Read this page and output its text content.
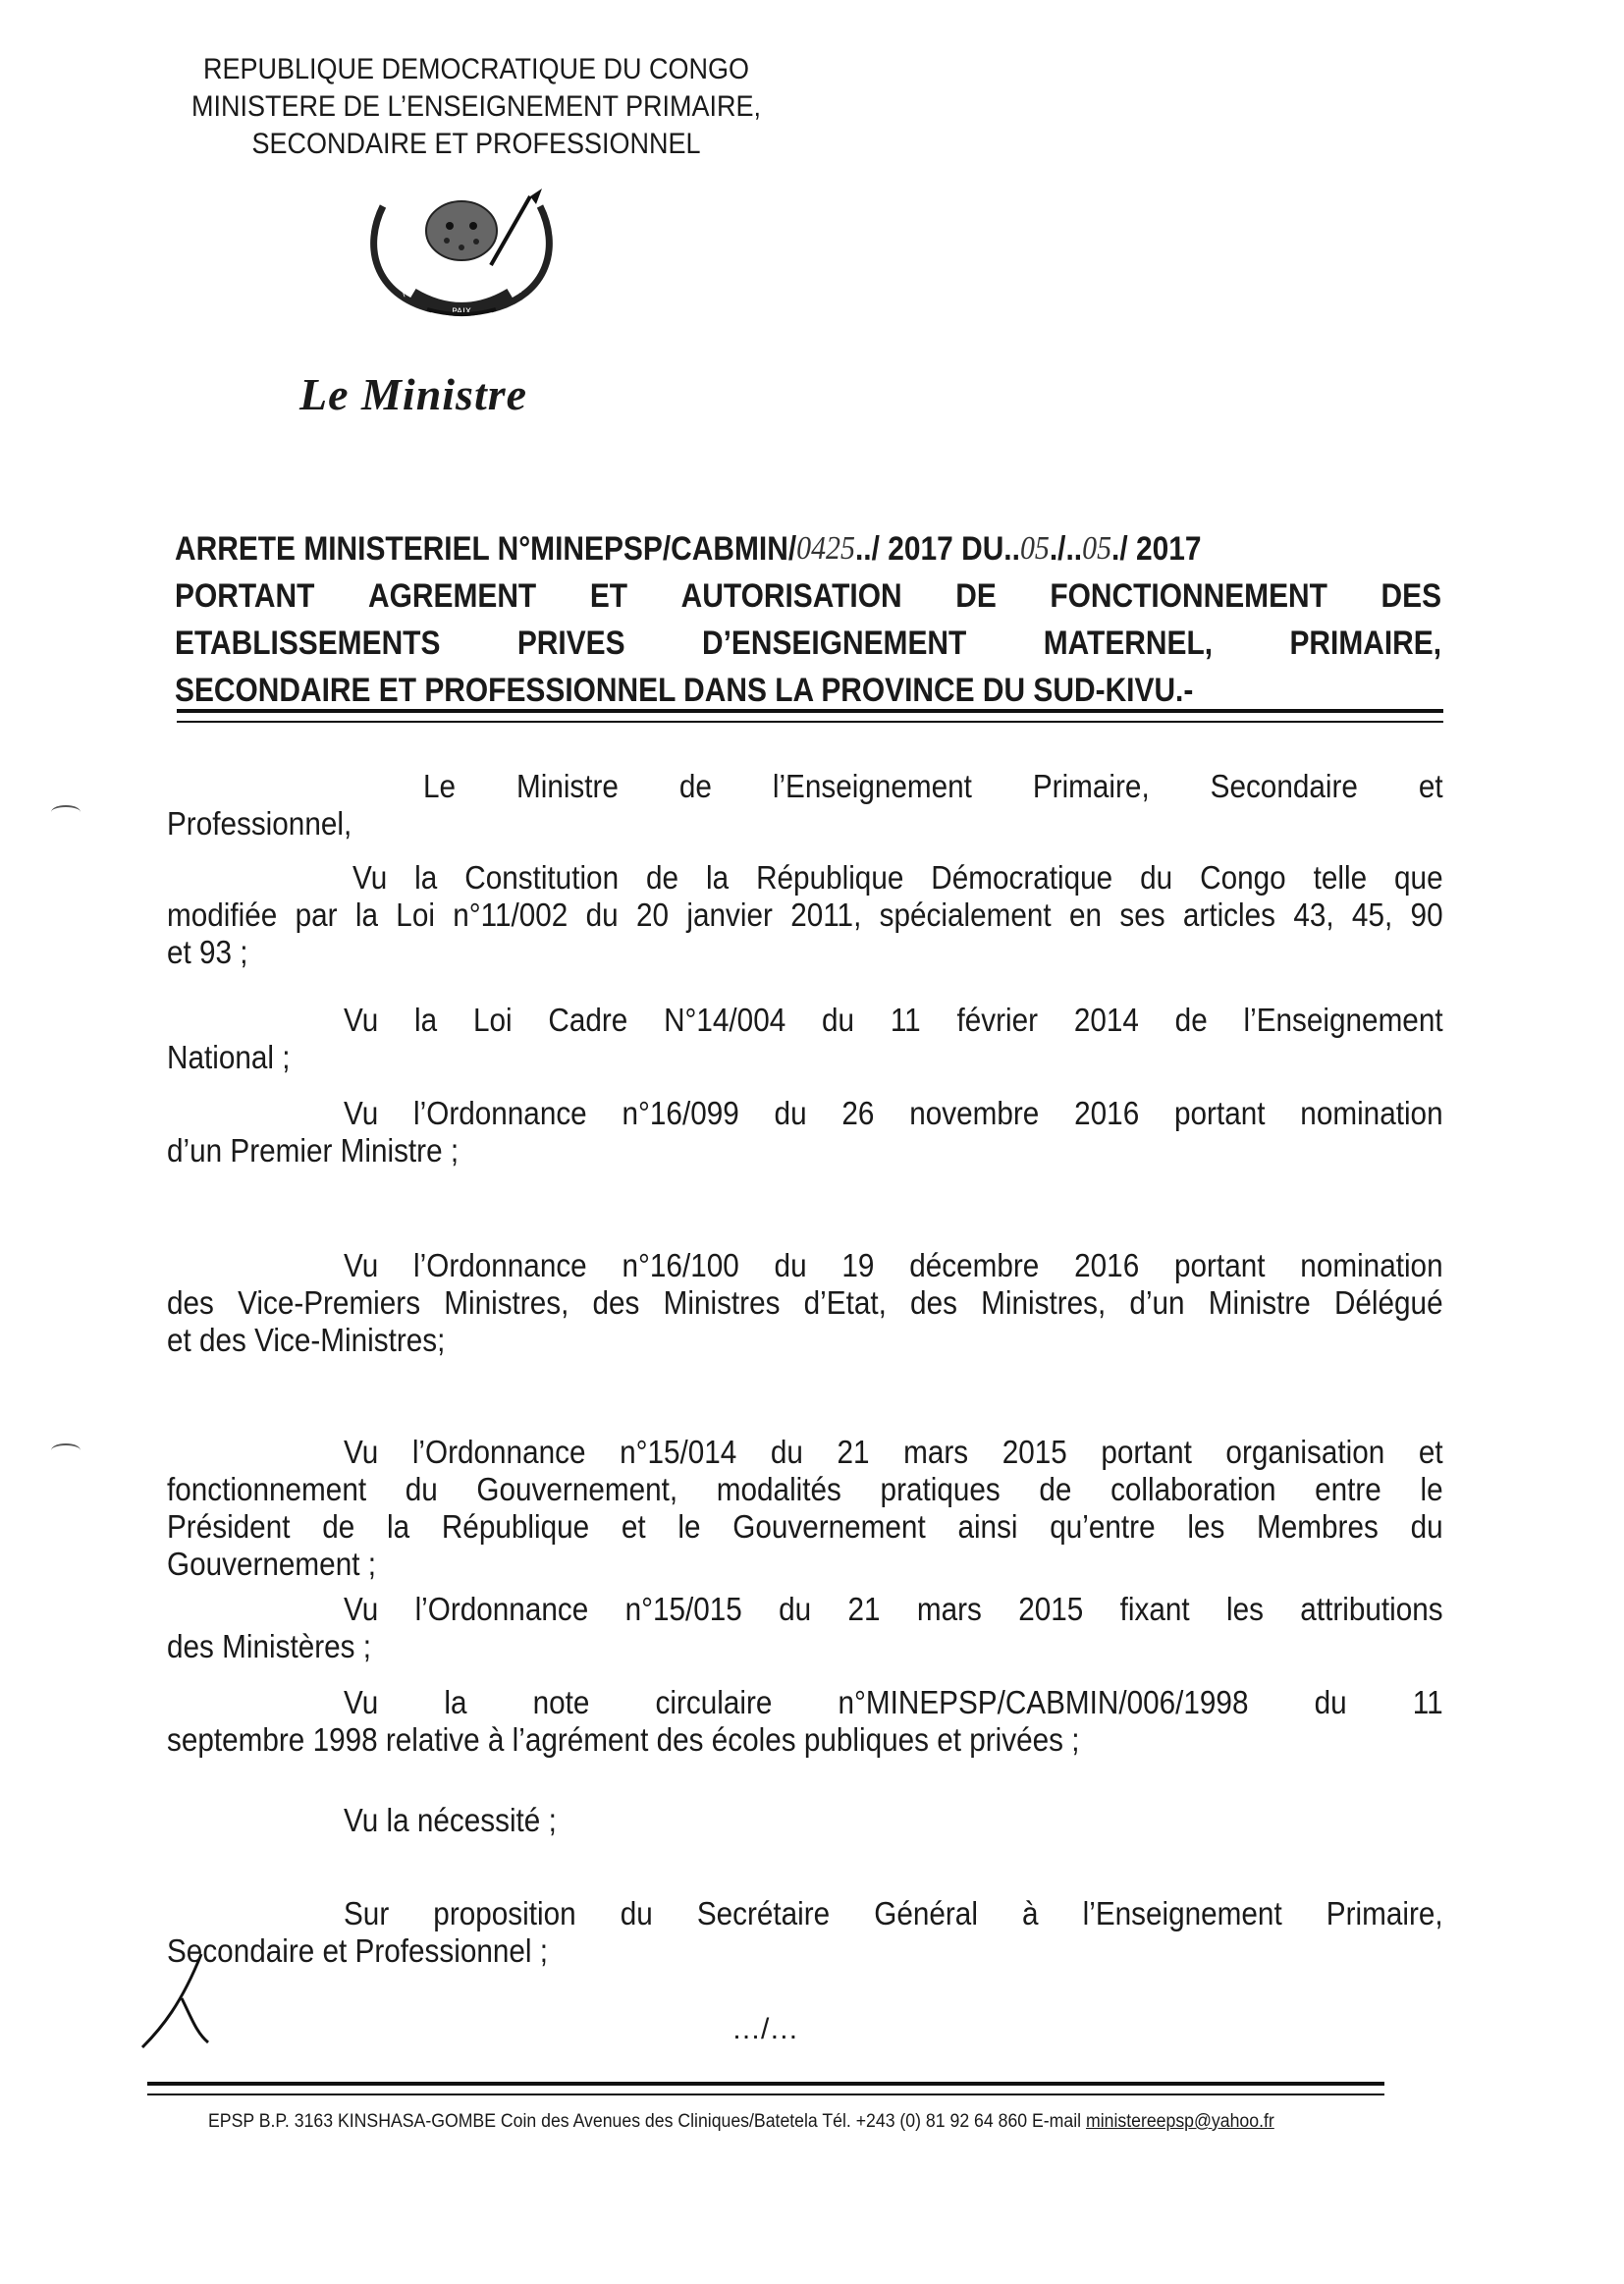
REPUBLIQUE DEMOCRATIQUE DU CONGO
MINISTERE DE L’ENSEIGNEMENT PRIMAIRE,
SECONDAIRE ET PROFESSIONNEL
PAIX
JUSTICE	TRAVAIL
Le Ministre
ARRETE MINISTERIEL N°MINEPSP/CABMIN/ 0425 ../ 2017 DU.. 05 ./.. 05 ./ 2017
PORTANT AGREMENT ET AUTORISATION DE FONCTIONNEMENT DES
ETABLISSEMENTS PRIVES D’ENSEIGNEMENT MATERNEL, PRIMAIRE,
SECONDAIRE ET PROFESSIONNEL DANS LA PROVINCE DU SUD-KIVU.-
Le Ministre de l’Enseignement Primaire, Secondaire et
Professionnel,
Vu la Constitution de la République Démocratique du Congo telle que
modifiée par la Loi n°11/002 du 20 janvier 2011, spécialement en ses articles 43, 45, 90
et 93 ;
Vu la Loi Cadre N°14/004 du 11 février 2014 de l’Enseignement
National ;
Vu l’Ordonnance n°16/099 du 26 novembre 2016 portant nomination
d’un Premier Ministre ;
Vu l’Ordonnance n°16/100 du 19 décembre 2016 portant nomination
des Vice-Premiers Ministres, des Ministres d’Etat, des Ministres, d’un Ministre Délégué
et des Vice-Ministres;
Vu l’Ordonnance n°15/014 du 21 mars 2015 portant organisation et
fonctionnement du Gouvernement, modalités pratiques de collaboration entre le
Président de la République et le Gouvernement ainsi qu’entre les Membres du
Gouvernement ;
Vu l’Ordonnance n°15/015 du 21 mars 2015 fixant les attributions
des Ministères ;
Vu la note circulaire n°MINEPSP/CABMIN/006/1998 du 11
septembre 1998 relative à l’agrément des écoles publiques et privées ;
Vu la nécessité ;
Sur proposition du Secrétaire Général à l’Enseignement Primaire,
Secondaire et Professionnel ;
…/…
EPSP B.P. 3163 KINSHASA-GOMBE Coin des Avenues des Cliniques/Batetela Tél. +243 (0) 81 92 64 860 E-mail ministereepsp@yahoo.fr
